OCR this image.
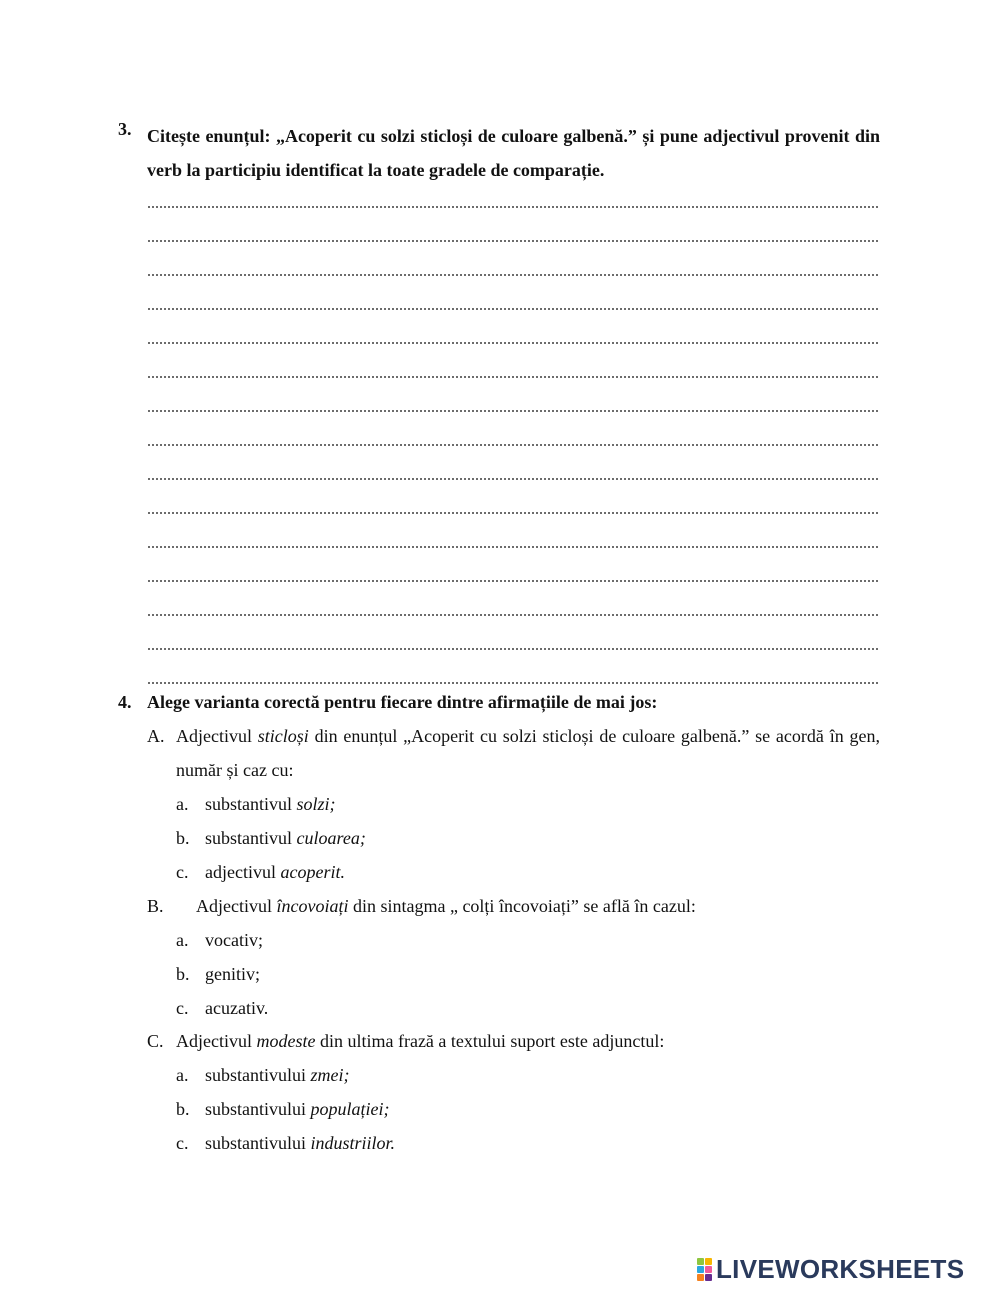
3. Citește enunțul: „Acoperit cu solzi sticloși de culoare galbenă.” și pune adjectivul provenit din verb la participiu identificat la toate gradele de comparație.
4. Alege varianta corectă pentru fiecare dintre afirmațiile de mai jos:
A. Adjectivul sticloși din enunțul „Acoperit cu solzi sticloși de culoare galbenă.” se acordă în gen, număr și caz cu:
a. substantivul solzi;
b. substantivul culoarea;
c. adjectivul acoperit.
B. Adjectivul încovoiați din sintagma „ colți încovoiați” se află în cazul:
a. vocativ;
b. genitiv;
c. acuzativ.
C. Adjectivul modeste din ultima frază a textului suport este adjunctul:
a. substantivului zmei;
b. substantivului populației;
c. substantivului industriilor.
LIVEWORKSHEETS
